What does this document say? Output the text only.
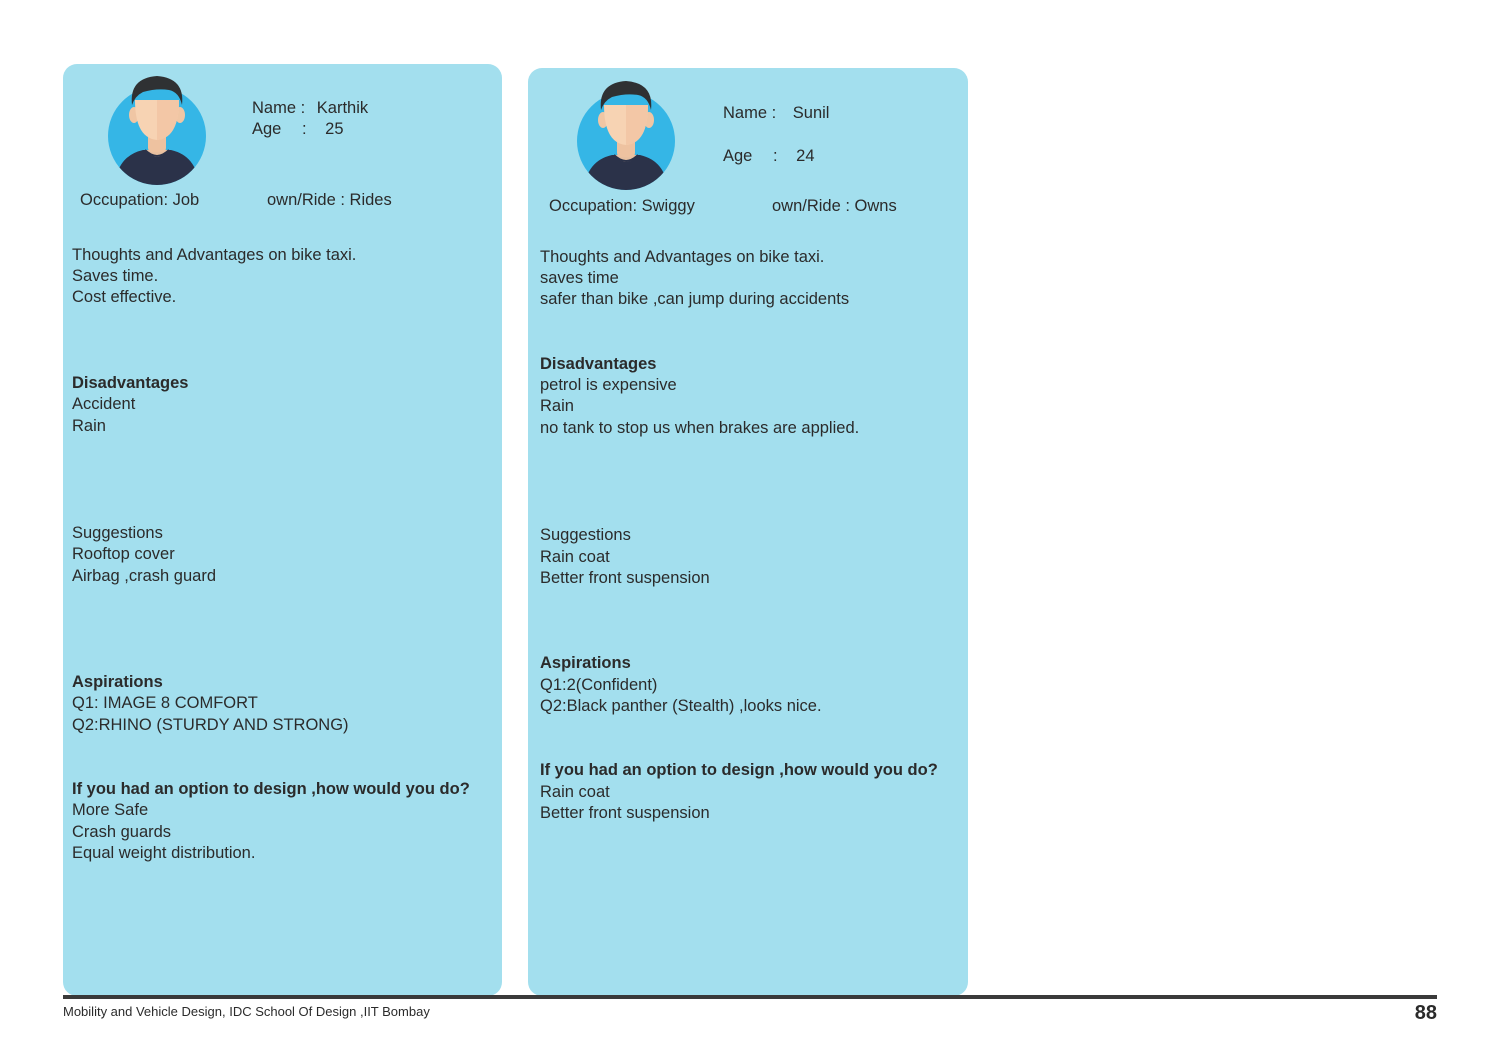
Name : Karthik
Age : 25
Occupation: Job	own/Ride : Rides
Thoughts and Advantages on bike taxi.
Saves time.
Cost effective.
Disadvantages
Accident
Rain
Suggestions
Rooftop cover
Airbag ,crash guard
Aspirations
Q1: IMAGE 8 COMFORT
Q2:RHINO (STURDY AND STRONG)
If you had an option to design ,how would you do?
More Safe
Crash guards
Equal weight distribution.
Name : Sunil
Age : 24
Occupation: Swiggy	own/Ride : Owns
Thoughts and Advantages on bike taxi.
saves time
safer than bike ,can jump during accidents
Disadvantages
petrol is expensive
Rain
no tank to stop us when brakes are applied.
Suggestions
Rain coat
Better front suspension
Aspirations
Q1:2(Confident)
Q2:Black panther (Stealth) ,looks nice.
If you had an option to design ,how would you do?
Rain coat
Better front suspension
Mobility and Vehicle Design, IDC School Of Design ,IIT Bombay	88
